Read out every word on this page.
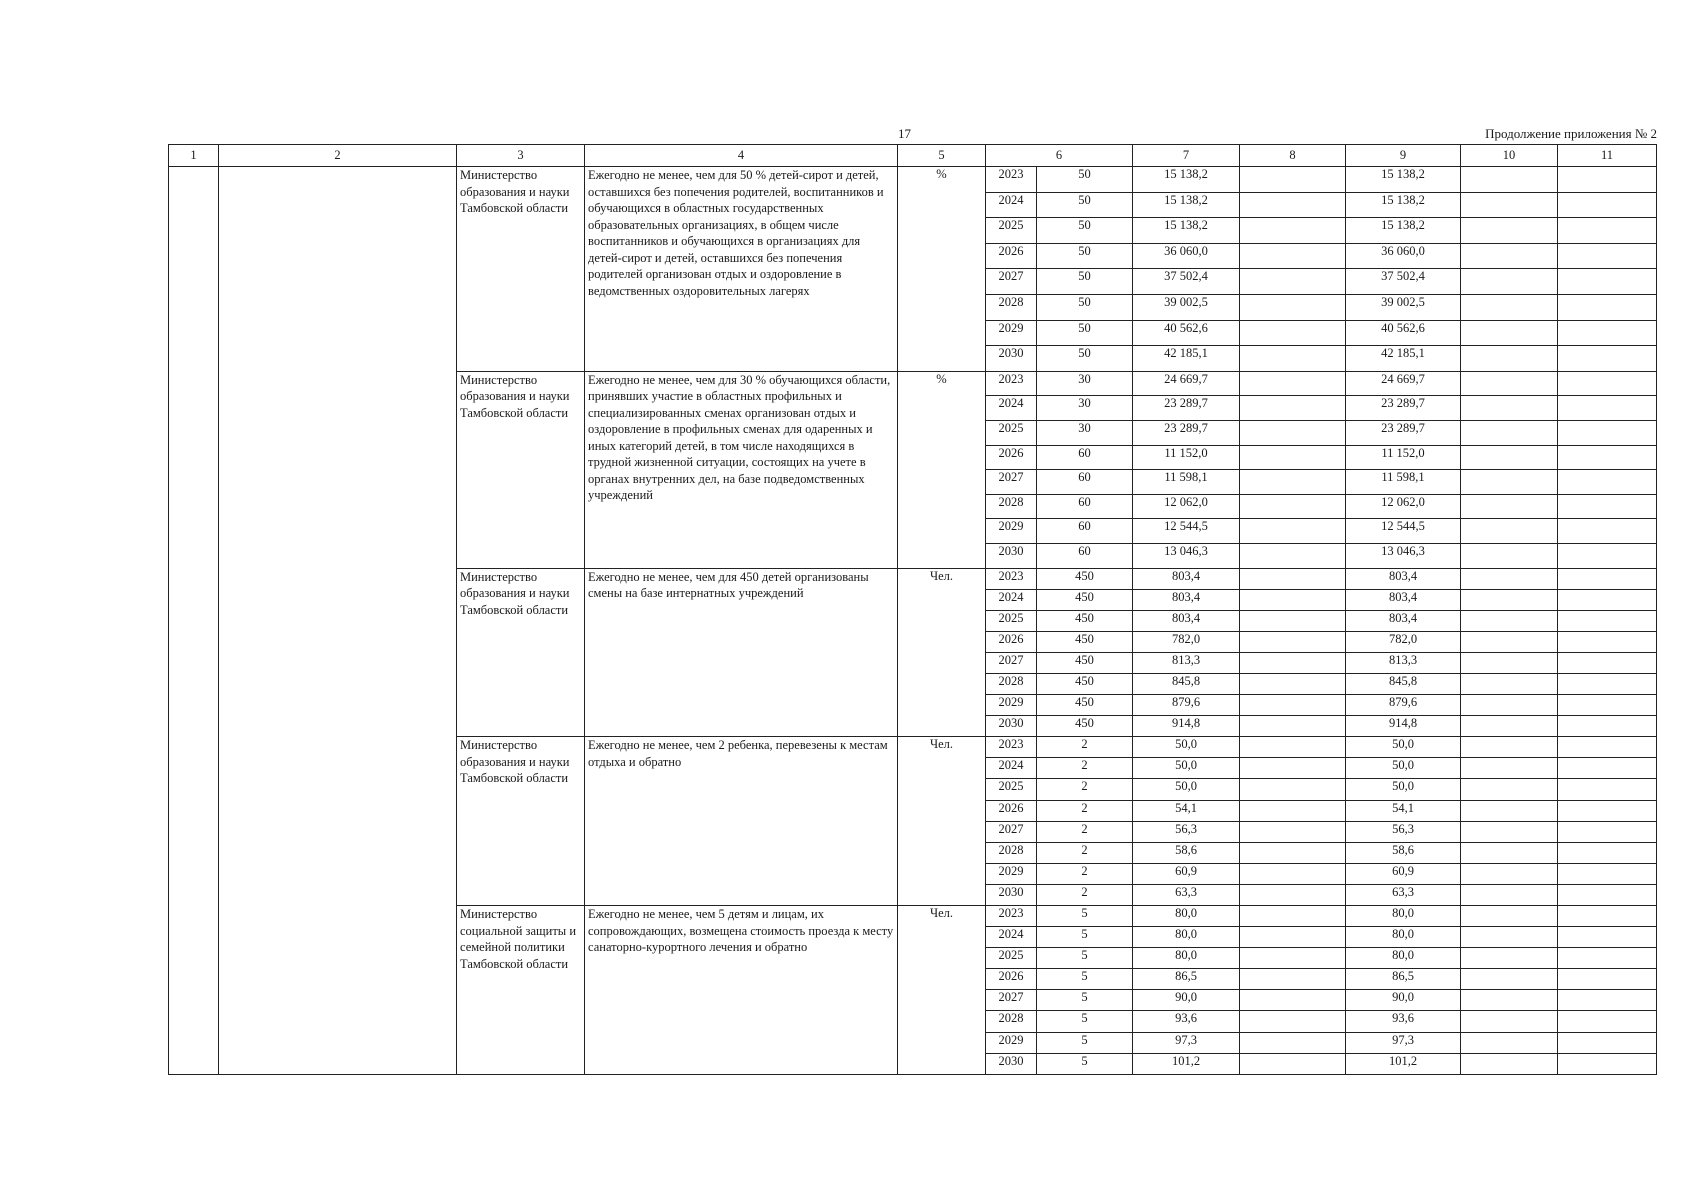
17	Продолжение приложения № 2
1	2	3	4	5	6		7	8	9	10	11
		Министерство образования и науки Тамбовской области	Ежегодно не менее, чем для 50 % детей-сирот и детей, оставшихся без попечения родителей, воспитанников и обучающихся в областных государственных образовательных организациях, в общем числе воспитанников и обучающихся в организациях для детей-сирот и детей, оставшихся без попечения родителей организован отдых и оздоровление в ведомственных оздоровительных лагерях	%	2023	50	15 138,2		15 138,2		
					2024	50	15 138,2		15 138,2		
					2025	50	15 138,2		15 138,2		
					2026	50	36 060,0		36 060,0		
					2027	50	37 502,4		37 502,4		
					2028	50	39 002,5		39 002,5		
					2029	50	40 562,6		40 562,6		
					2030	50	42 185,1		42 185,1		
		Министерство образования и науки Тамбовской области	Ежегодно не менее, чем для 30 % обучающихся области, принявших участие в областных профильных и специализированных сменах организован отдых и оздоровление в профильных сменах для одаренных и иных категорий детей, в том числе находящихся в трудной жизненной ситуации, состоящих на учете в органах внутренних дел, на базе подведомственных учреждений	%	2023	30	24 669,7		24 669,7		
					2024	30	23 289,7		23 289,7		
					2025	30	23 289,7		23 289,7		
					2026	60	11 152,0		11 152,0		
					2027	60	11 598,1		11 598,1		
					2028	60	12 062,0		12 062,0		
					2029	60	12 544,5		12 544,5		
					2030	60	13 046,3		13 046,3		
		Министерство образования и науки Тамбовской области	Ежегодно не менее, чем для 450 детей организованы смены на базе интернатных учреждений	Чел.	2023	450	803,4		803,4		
					2024	450	803,4		803,4		
					2025	450	803,4		803,4		
					2026	450	782,0		782,0		
					2027	450	813,3		813,3		
					2028	450	845,8		845,8		
					2029	450	879,6		879,6		
					2030	450	914,8		914,8		
		Министерство образования и науки Тамбовской области	Ежегодно не менее, чем 2 ребенка, перевезены к местам отдыха и обратно	Чел.	2023	2	50,0		50,0		
					2024	2	50,0		50,0		
					2025	2	50,0		50,0		
					2026	2	54,1		54,1		
					2027	2	56,3		56,3		
					2028	2	58,6		58,6		
					2029	2	60,9		60,9		
					2030	2	63,3		63,3		
		Министерство социальной защиты и семейной политики Тамбовской области	Ежегодно не менее, чем 5 детям и лицам, их сопровождающих, возмещена стоимость проезда к месту санаторно-курортного лечения и обратно	Чел.	2023	5	80,0		80,0		
					2024	5	80,0		80,0		
					2025	5	80,0		80,0		
					2026	5	86,5		86,5		
					2027	5	90,0		90,0		
					2028	5	93,6		93,6		
					2029	5	97,3		97,3		
					2030	5	101,2		101,2		
